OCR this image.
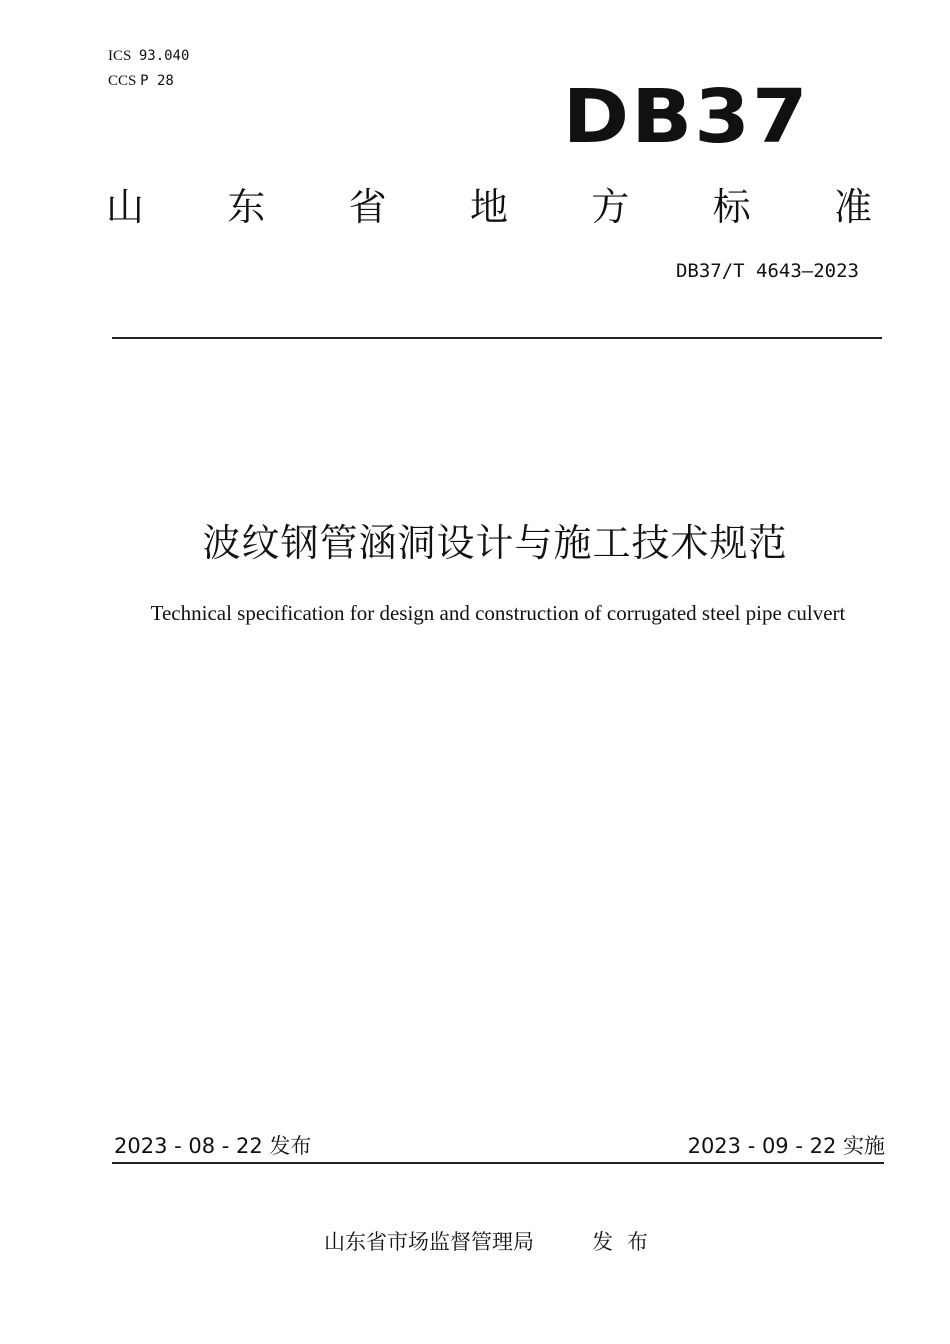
ICS 93.040
CCS P 28	DB37
山 东 省 地 方 标 准
DB37/T 4643—2023
波纹钢管涵洞设计与施工技术规范
Technical specification for design and construction of corrugated steel pipe culvert
2023 - 08 - 22 发布	2023 - 09 - 22 实施
山东省市场监督管理局	发布
